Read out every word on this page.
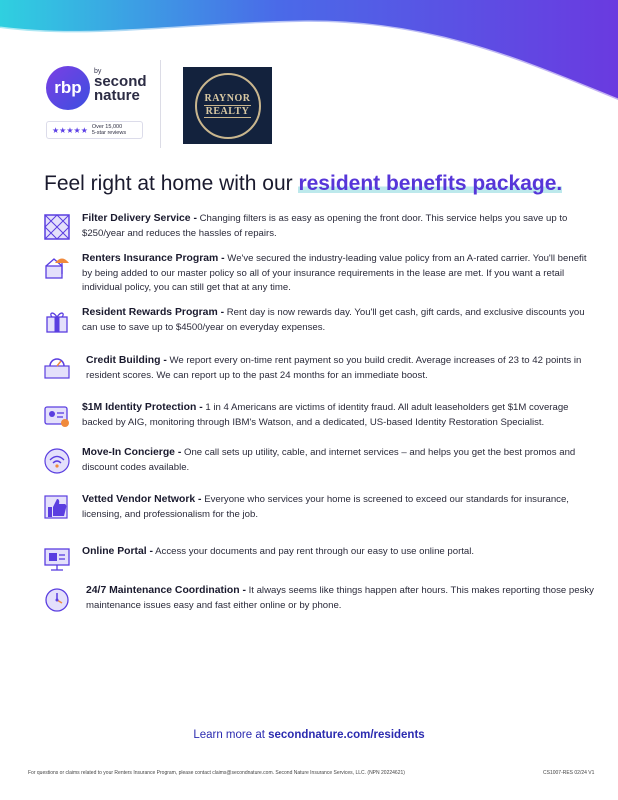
rbp
by
second nature
★★★★★ Over 15,000
5-star reviews
RAYNOR
REALTY
Feel right at home with our resident benefits package.
Filter Delivery Service - Changing filters is as easy as opening the front door. This service helps you save up to $250/year and reduces the hassles of repairs.
Renters Insurance Program - We've secured the industry-leading value policy from an A-rated carrier. You'll benefit by being added to our master policy so all of your insurance requirements in the lease are met. If you want a retail individual policy, you can still get that at any time.
Resident Rewards Program - Rent day is now rewards day. You'll get cash, gift cards, and exclusive discounts you can use to save up to $4500/year on everyday expenses.
Credit Building - We report every on-time rent payment so you build credit. Average increases of 23 to 42 points in resident scores. We can report up to the past 24 months for an immediate boost.
$1M Identity Protection - 1 in 4 Americans are victims of identity fraud. All adult leaseholders get $1M coverage backed by AIG, monitoring through IBM's Watson, and a dedicated, US-based Identity Restoration Specialist.
Move-In Concierge - One call sets up utility, cable, and internet services – and helps you get the best promos and discount codes available.
Vetted Vendor Network - Everyone who services your home is screened to exceed our standards for insurance, licensing, and professionalism for the job.
Online Portal - Access your documents and pay rent through our easy to use online portal.
24/7 Maintenance Coordination - It always seems like things happen after hours. This makes reporting those pesky maintenance issues easy and fast either online or by phone.
Learn more at secondnature.com/residents
For questions or claims related to your Renters Insurance Program, please contact claims@secondnature.com. Second Nature Insurance Services, LLC. (NPN 20224621)	CS1007-RES 02/24 V1
